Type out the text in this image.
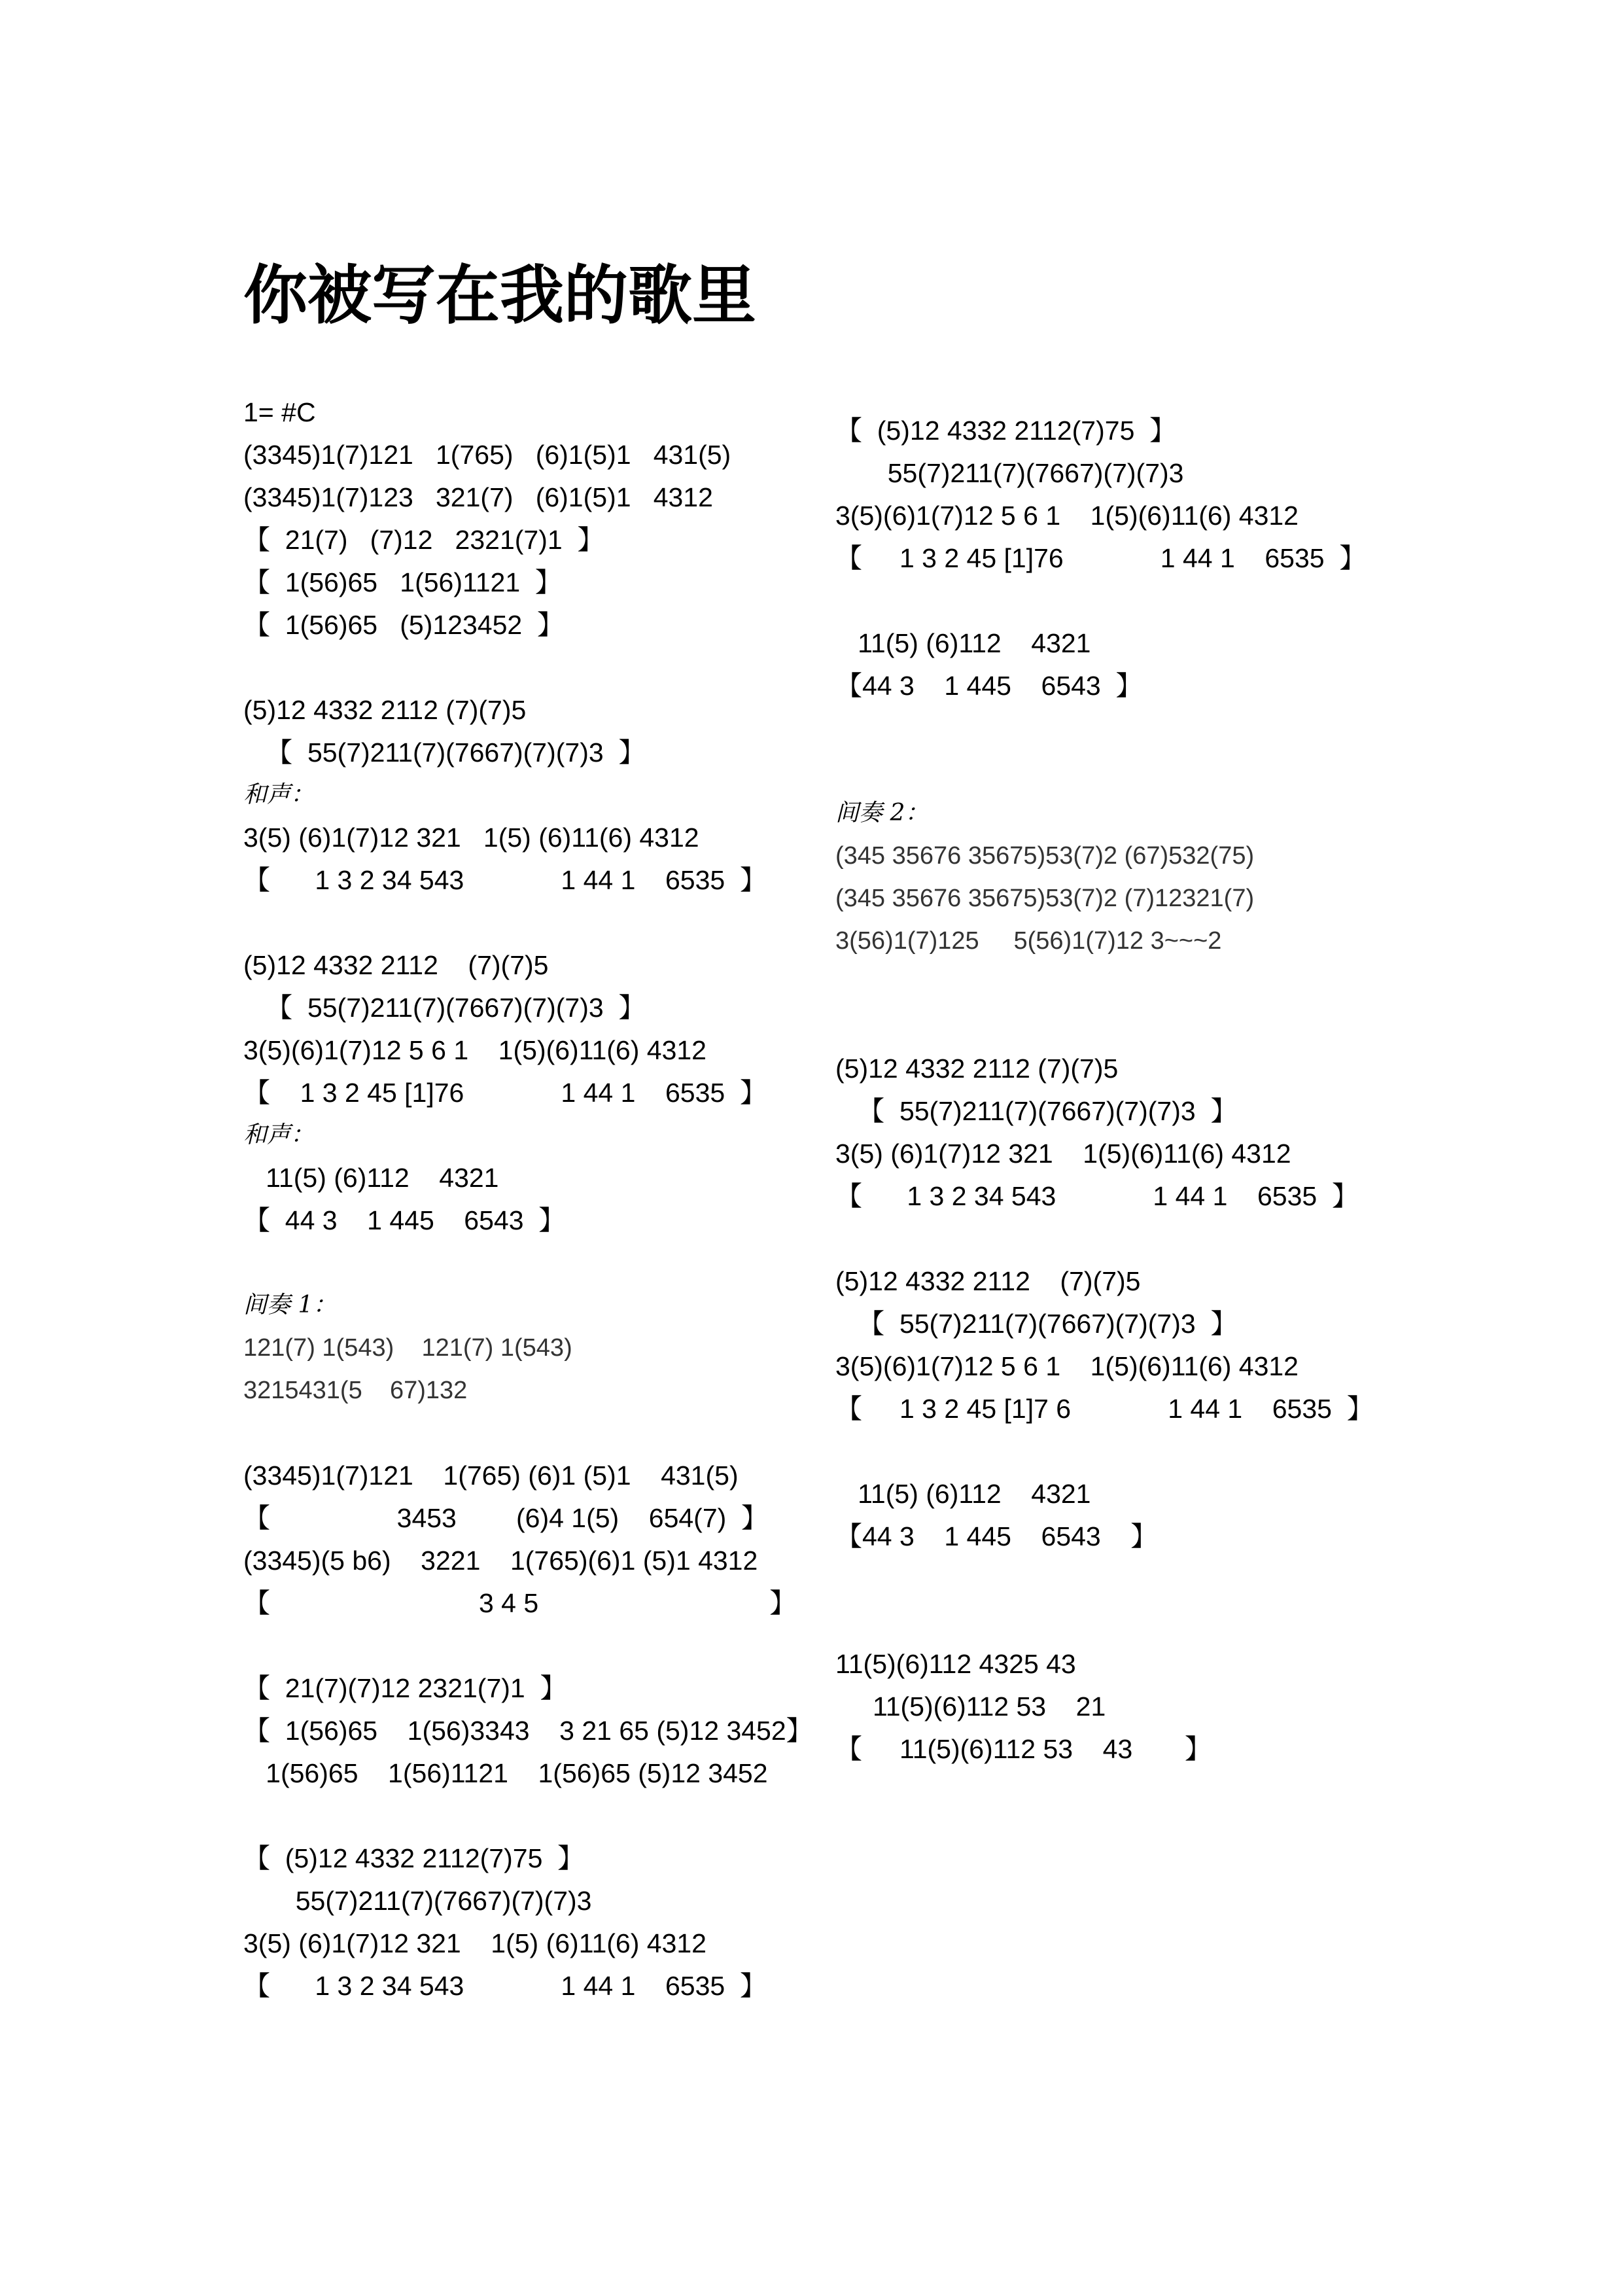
你被写在我的歌里
1= #C
(3345)1(7)121   1(765)   (6)1(5)1   431(5)
(3345)1(7)123   321(7)   (6)1(5)1   4312
【  21(7)   (7)12   2321(7)1  】
【  1(56)65   1(56)1121  】
【  1(56)65   (5)123452  】
(5)12 4332 2112 (7)(7)5
【  55(7)211(7)(7667)(7)(7)3  】
和声：
3(5) (6)1(7)12 321   1(5) (6)11(6) 4312
【      1 3 2 34 543             1 44 1    6535  】
(5)12 4332 2112    (7)(7)5
【  55(7)211(7)(7667)(7)(7)3  】
3(5)(6)1(7)12 5 6 1    1(5)(6)11(6) 4312
【    1 3 2 45 [1]76             1 44 1    6535  】
和声：
11(5) (6)112    4321
【  44 3    1 445    6543  】
间奏 1：
121(7) 1(543)    121(7) 1(543)
3215431(5    67)132
(3345)1(7)121    1(765) (6)1 (5)1    431(5)
【                 3453        (6)4 1(5)    654(7)  】
(3345)(5 b6)    3221    1(765)(6)1 (5)1 4312
【                            3 4 5                               】
【  21(7)(7)12 2321(7)1  】
【  1(56)65    1(56)3343    3 21 65 (5)12 3452】
1(56)65    1(56)1121    1(56)65 (5)12 3452
【  (5)12 4332 2112(7)75  】
55(7)211(7)(7667)(7)(7)3
3(5) (6)1(7)12 321    1(5) (6)11(6) 4312
【      1 3 2 34 543             1 44 1    6535  】
【  (5)12 4332 2112(7)75  】
55(7)211(7)(7667)(7)(7)3
3(5)(6)1(7)12 5 6 1    1(5)(6)11(6) 4312
【     1 3 2 45 [1]76             1 44 1    6535  】
11(5) (6)112    4321
【44 3    1 445    6543  】
间奏 2：
(345 35676 35675)53(7)2 (67)532(75)
(345 35676 35675)53(7)2 (7)12321(7)
3(56)1(7)125     5(56)1(7)12 3~~~2
(5)12 4332 2112 (7)(7)5
【  55(7)211(7)(7667)(7)(7)3  】
3(5) (6)1(7)12 321    1(5)(6)11(6) 4312
【      1 3 2 34 543             1 44 1    6535  】
(5)12 4332 2112    (7)(7)5
【  55(7)211(7)(7667)(7)(7)3  】
3(5)(6)1(7)12 5 6 1    1(5)(6)11(6) 4312
【     1 3 2 45 [1]7 6             1 44 1    6535  】
11(5) (6)112    4321
【44 3    1 445    6543    】
11(5)(6)112 4325 43
11(5)(6)112 53    21
【     11(5)(6)112 53    43       】
